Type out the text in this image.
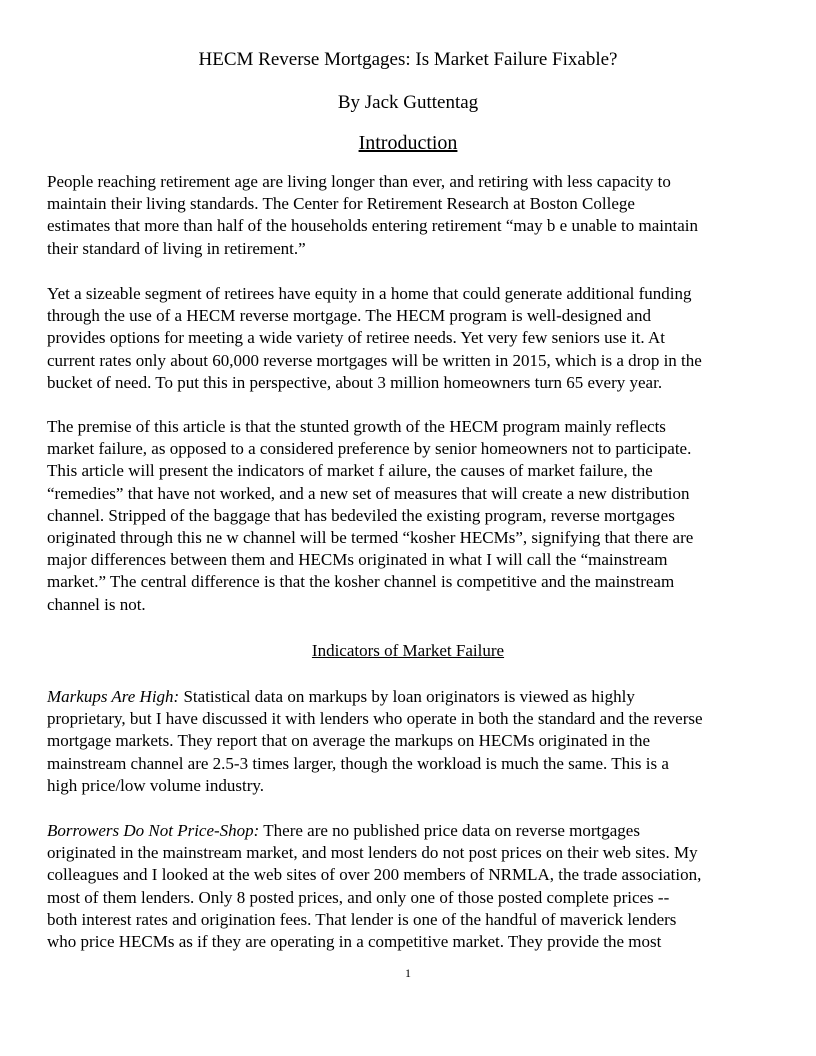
HECM Reverse Mortgages: Is Market Failure Fixable?
By Jack Guttentag
Introduction
People reaching retirement age are living longer than ever, and retiring with less capacity to
maintain their living standards. The Center for Retirement Research at Boston College
estimates that more than half of the households entering retirement “may b e unable to maintain
their standard of living in retirement.”
Yet a sizeable segment of retirees have equity in a home that could generate additional funding
through the use of a HECM reverse mortgage. The HECM program is well-designed and
provides options for meeting a wide variety of retiree needs. Yet very few seniors use it. At
current rates only about 60,000 reverse mortgages will be written in 2015, which is a drop in the
bucket of need. To put this in perspective, about 3 million homeowners turn 65 every year.
The premise of this article is that the stunted growth of the HECM program mainly reflects
market failure, as opposed to a considered preference by senior homeowners not to participate.
This article will present the indicators of market f ailure, the causes of market failure, the
“remedies” that have not worked, and a new set of measures that will create a new distribution
channel. Stripped of the baggage that has bedeviled the existing program, reverse mortgages
originated through this ne w channel will be termed “kosher HECMs”, signifying that there are
major differences between them and HECMs originated in what I will call the “mainstream
market.” The central difference is that the kosher channel is competitive and the mainstream
channel is not.
Indicators of Market Failure
Markups Are High: Statistical data on markups by loan originators is viewed as highly
proprietary, but I have discussed it with lenders who operate in both the standard and the reverse
mortgage markets. They report that on average the markups on HECMs originated in the
mainstream channel are 2.5-3 times larger, though the workload is much the same. This is a
high price/low volume industry.
Borrowers Do Not Price-Shop: There are no published price data on reverse mortgages
originated in the mainstream market, and most lenders do not post prices on their web sites. My
colleagues and I looked at the web sites of over 200 members of NRMLA, the trade association,
most of them lenders. Only 8 posted prices, and only one of those posted complete prices --
both interest rates and origination fees. That lender is one of the handful of maverick lenders
who price HECMs as if they are operating in a competitive market. They provide the most
1
